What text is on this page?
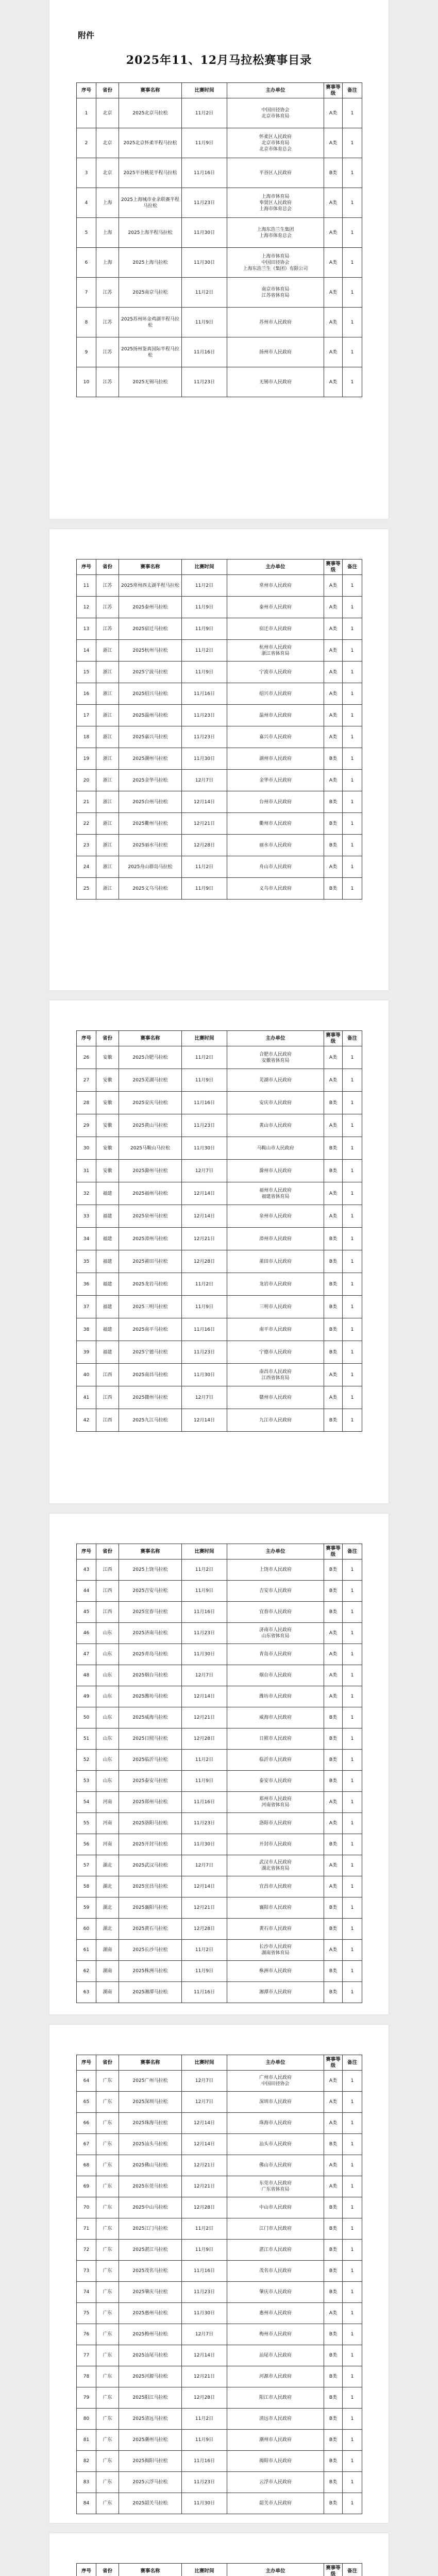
附件
2025年11、12月马拉松赛事目录
序号	省份	赛事名称	比赛时间	主办单位	赛事等级	备注
1	北京	2025北京马拉松	11月2日	中国田径协会
北京市体育局	A类	1
2	北京	2025北京怀柔半程马拉松	11月9日	怀柔区人民政府
北京市体育局
北京市体育总会	A类	1
3	北京	2025平谷桃花半程马拉松	11月16日	平谷区人民政府	B类	1
4	上海	2025上海城市业余联赛半程马拉松	11月23日	上海市体育局
奉贤区人民政府
上海市体育总会	A类	1
5	上海	2025上海半程马拉松	11月30日	上海东浩兰生集团
上海市体育总会	A类	1
6	上海	2025上海马拉松	11月30日	上海市体育局
中国田径协会
上海东浩兰生（集团）有限公司	A类	1
7	江苏	2025南京马拉松	11月2日	南京市体育局
江苏省体育局	A类	1
8	江苏	2025苏州环金鸡湖半程马拉松	11月9日	苏州市人民政府	A类	1
9	江苏	2025扬州鉴真国际半程马拉松	11月16日	扬州市人民政府	A类	1
10	江苏	2025无锡马拉松	11月23日	无锡市人民政府	A类	1
序号	省份	赛事名称	比赛时间	主办单位	赛事等级	备注
11	江苏	2025常州西太湖半程马拉松	11月2日	常州市人民政府	A类	1
12	江苏	2025泰州马拉松	11月9日	泰州市人民政府	A类	1
13	江苏	2025宿迁马拉松	11月9日	宿迁市人民政府	A类	1
14	浙江	2025杭州马拉松	11月2日	杭州市人民政府
浙江省体育局	A类	1
15	浙江	2025宁波马拉松	11月9日	宁波市人民政府	A类	1
16	浙江	2025绍兴马拉松	11月16日	绍兴市人民政府	A类	1
17	浙江	2025温州马拉松	11月23日	温州市人民政府	A类	1
18	浙江	2025嘉兴马拉松	11月23日	嘉兴市人民政府	A类	1
19	浙江	2025湖州马拉松	11月30日	湖州市人民政府	B类	1
20	浙江	2025金华马拉松	12月7日	金华市人民政府	A类	1
21	浙江	2025台州马拉松	12月14日	台州市人民政府	B类	1
22	浙江	2025衢州马拉松	12月21日	衢州市人民政府	B类	1
23	浙江	2025丽水马拉松	12月28日	丽水市人民政府	B类	1
24	浙江	2025舟山群岛马拉松	11月2日	舟山市人民政府	A类	1
25	浙江	2025义乌马拉松	11月9日	义乌市人民政府	B类	1
序号	省份	赛事名称	比赛时间	主办单位	赛事等级	备注
26	安徽	2025合肥马拉松	11月2日	合肥市人民政府
安徽省体育局	A类	1
27	安徽	2025芜湖马拉松	11月9日	芜湖市人民政府	A类	1
28	安徽	2025安庆马拉松	11月16日	安庆市人民政府	B类	1
29	安徽	2025黄山马拉松	11月23日	黄山市人民政府	A类	1
30	安徽	2025马鞍山马拉松	11月30日	马鞍山市人民政府	B类	1
31	安徽	2025滁州马拉松	12月7日	滁州市人民政府	B类	1
32	福建	2025福州马拉松	12月14日	福州市人民政府
福建省体育局	A类	1
33	福建	2025泉州马拉松	12月14日	泉州市人民政府	A类	1
34	福建	2025漳州马拉松	12月21日	漳州市人民政府	B类	1
35	福建	2025莆田马拉松	12月28日	莆田市人民政府	B类	1
36	福建	2025龙岩马拉松	11月2日	龙岩市人民政府	B类	1
37	福建	2025三明马拉松	11月9日	三明市人民政府	B类	1
38	福建	2025南平马拉松	11月16日	南平市人民政府	B类	1
39	福建	2025宁德马拉松	11月23日	宁德市人民政府	B类	1
40	江西	2025南昌马拉松	11月30日	南昌市人民政府
江西省体育局	A类	1
41	江西	2025赣州马拉松	12月7日	赣州市人民政府	A类	1
42	江西	2025九江马拉松	12月14日	九江市人民政府	B类	1
序号	省份	赛事名称	比赛时间	主办单位	赛事等级	备注
43	江西	2025上饶马拉松	11月2日	上饶市人民政府	B类	1
44	江西	2025吉安马拉松	11月9日	吉安市人民政府	B类	1
45	江西	2025宜春马拉松	11月16日	宜春市人民政府	B类	1
46	山东	2025济南马拉松	11月23日	济南市人民政府
山东省体育局	A类	1
47	山东	2025青岛马拉松	11月30日	青岛市人民政府	A类	1
48	山东	2025烟台马拉松	12月7日	烟台市人民政府	A类	1
49	山东	2025潍坊马拉松	12月14日	潍坊市人民政府	A类	1
50	山东	2025威海马拉松	12月21日	威海市人民政府	B类	1
51	山东	2025日照马拉松	12月28日	日照市人民政府	B类	1
52	山东	2025临沂马拉松	11月2日	临沂市人民政府	B类	1
53	山东	2025泰安马拉松	11月9日	泰安市人民政府	B类	1
54	河南	2025郑州马拉松	11月16日	郑州市人民政府
河南省体育局	A类	1
55	河南	2025洛阳马拉松	11月23日	洛阳市人民政府	A类	1
56	河南	2025开封马拉松	11月30日	开封市人民政府	B类	1
57	湖北	2025武汉马拉松	12月7日	武汉市人民政府
湖北省体育局	A类	1
58	湖北	2025宜昌马拉松	12月14日	宜昌市人民政府	A类	1
59	湖北	2025襄阳马拉松	12月21日	襄阳市人民政府	B类	1
60	湖北	2025黄石马拉松	12月28日	黄石市人民政府	B类	1
61	湖南	2025长沙马拉松	11月2日	长沙市人民政府
湖南省体育局	A类	1
62	湖南	2025株洲马拉松	11月9日	株洲市人民政府	B类	1
63	湖南	2025湘潭马拉松	11月16日	湘潭市人民政府	B类	1
序号	省份	赛事名称	比赛时间	主办单位	赛事等级	备注
64	广东	2025广州马拉松	12月7日	广州市人民政府
中国田径协会	A类	1
65	广东	2025深圳马拉松	12月7日	深圳市人民政府	A类	1
66	广东	2025珠海马拉松	12月14日	珠海市人民政府	A类	1
67	广东	2025汕头马拉松	12月14日	汕头市人民政府	B类	1
68	广东	2025佛山马拉松	12月21日	佛山市人民政府	A类	1
69	广东	2025东莞马拉松	12月21日	东莞市人民政府
广东省体育局	A类	1
70	广东	2025中山马拉松	12月28日	中山市人民政府	B类	1
71	广东	2025江门马拉松	11月2日	江门市人民政府	B类	1
72	广东	2025湛江马拉松	11月9日	湛江市人民政府	B类	1
73	广东	2025茂名马拉松	11月16日	茂名市人民政府	B类	1
74	广东	2025肇庆马拉松	11月23日	肇庆市人民政府	B类	1
75	广东	2025惠州马拉松	11月30日	惠州市人民政府	A类	1
76	广东	2025梅州马拉松	12月7日	梅州市人民政府	B类	1
77	广东	2025汕尾马拉松	12月14日	汕尾市人民政府	B类	1
78	广东	2025河源马拉松	12月21日	河源市人民政府	B类	1
79	广东	2025阳江马拉松	12月28日	阳江市人民政府	B类	1
80	广东	2025清远马拉松	11月2日	清远市人民政府	B类	1
81	广东	2025潮州马拉松	11月9日	潮州市人民政府	B类	1
82	广东	2025揭阳马拉松	11月16日	揭阳市人民政府	B类	1
83	广东	2025云浮马拉松	11月23日	云浮市人民政府	B类	1
84	广东	2025韶关马拉松	11月30日	韶关市人民政府	B类	1
序号	省份	赛事名称	比赛时间	主办单位	赛事等级	备注
